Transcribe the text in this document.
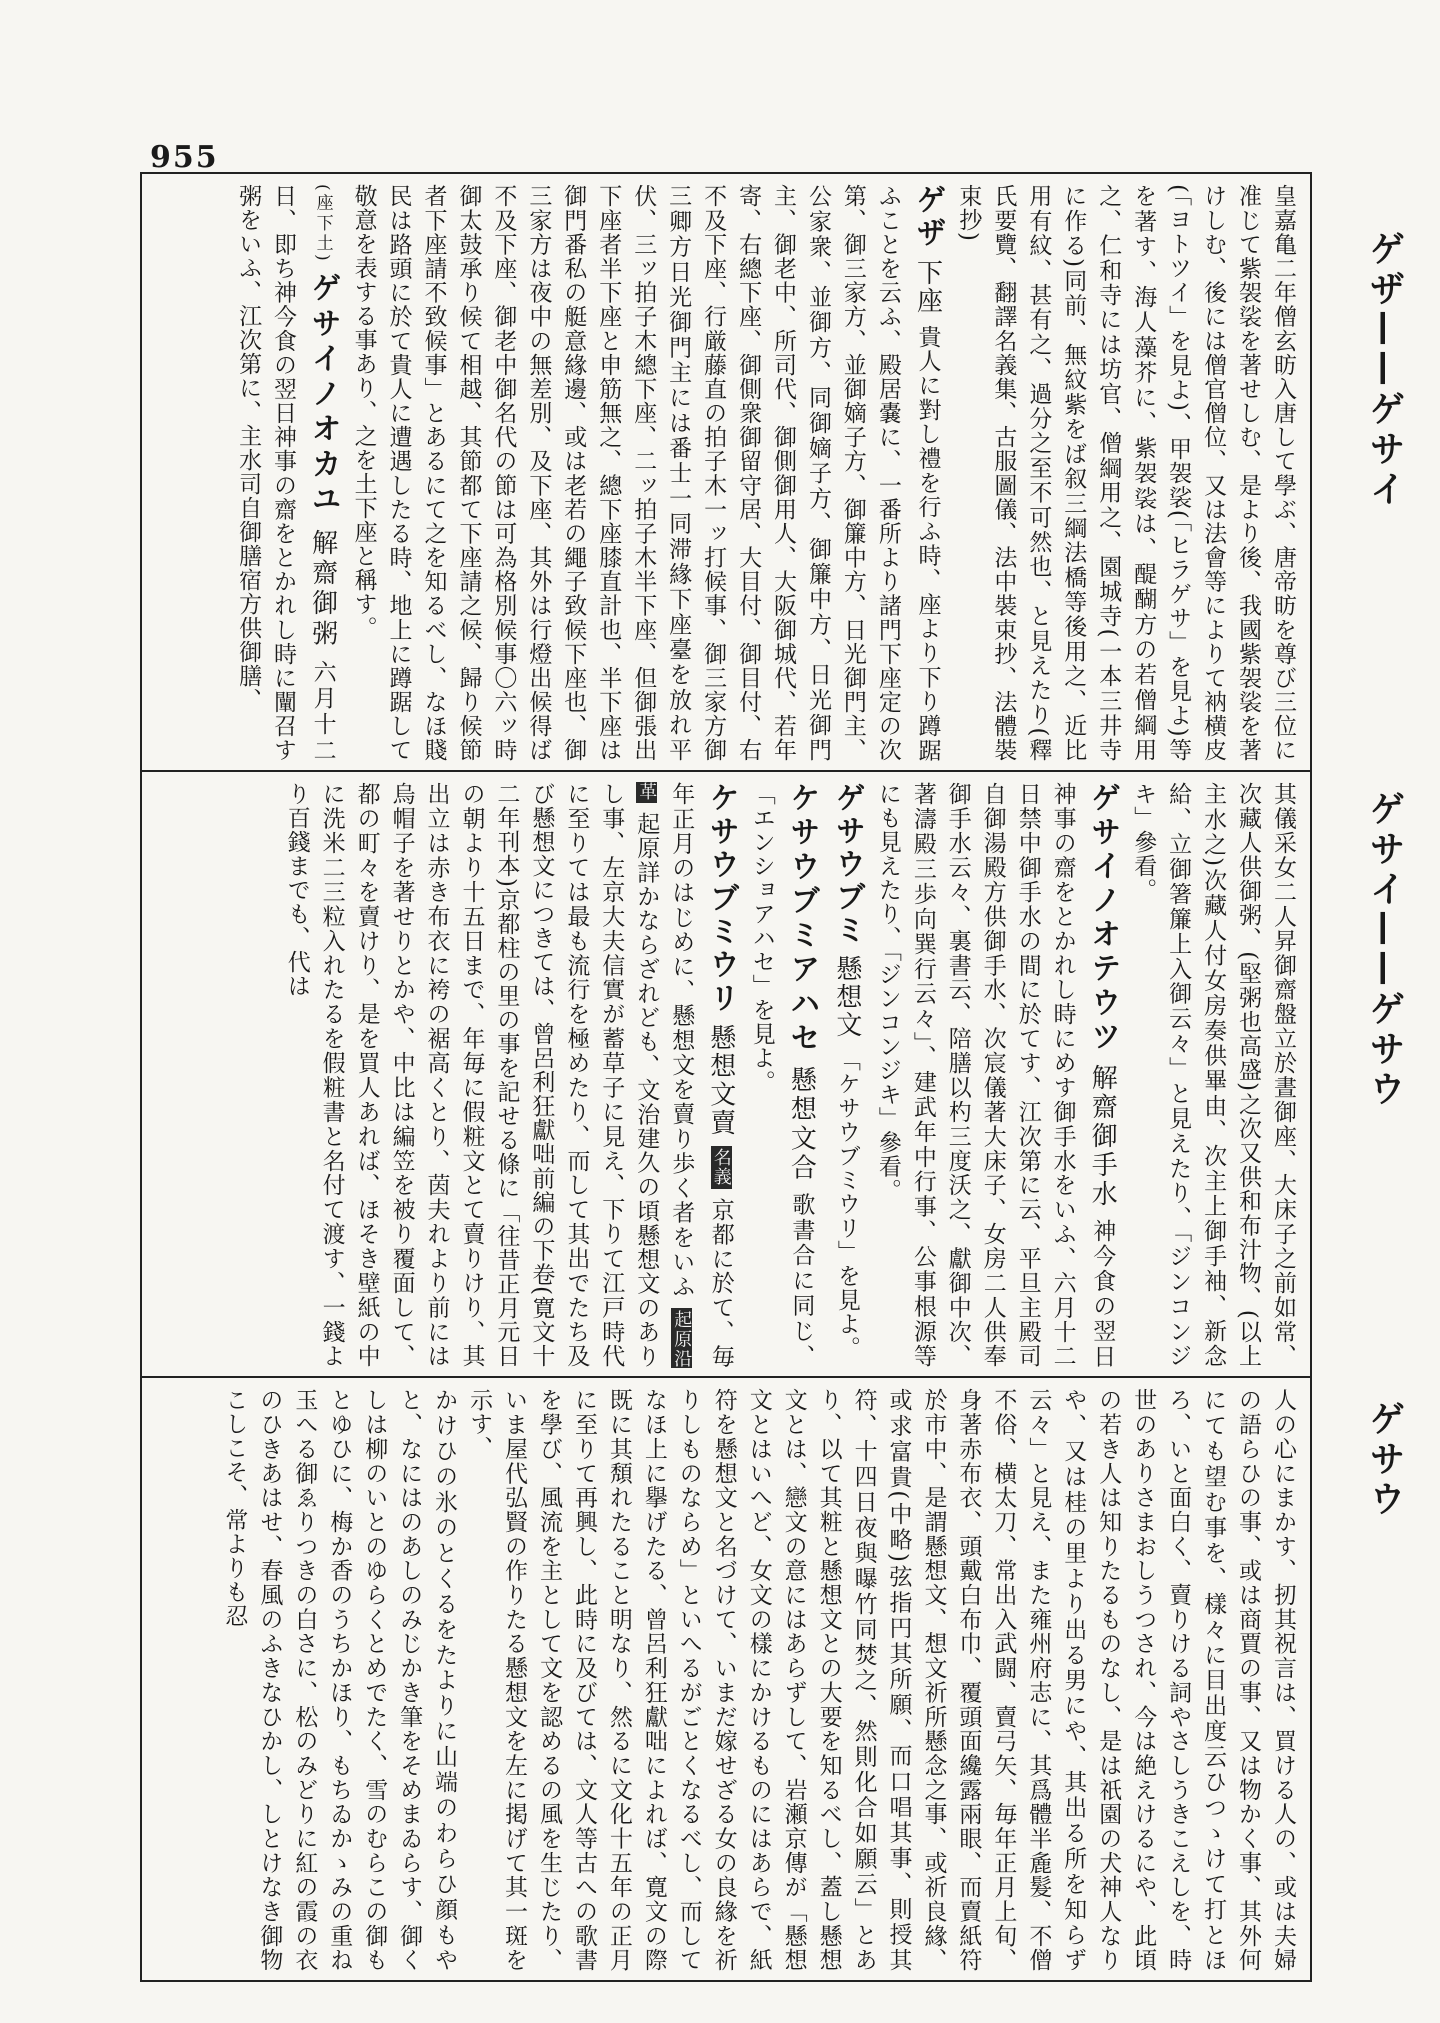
955
ゲザ——ゲサイ
ゲサイ——ゲサウ
ゲサウ
皇嘉亀二年僧玄昉入唐して學ぶ、唐帝昉を尊び三位に准じて紫袈裟を著せしむ、是より後、我國紫袈裟を著けしむ、後には僧官僧位、又は法會等によりて衲横皮(「ヨトツイ」を見よ)、甲袈裟(「ヒラゲサ」を見よ)等を著す、海人藻芥に、紫袈裟は、醍醐方の若僧綱用之、仁和寺には坊官、僧綱用之、園城寺(一本三井寺に作る)同前、無紋紫をば叙三綱法橋等後用之、近比用有紋、甚有之、過分之至不可然也、と見えたり(釋氏要覽、翻譯名義集、古服圖儀、法中裝束抄、法體裝束抄)
ゲザ 下座 貴人に對し禮を行ふ時、座より下り蹲踞ふことを云ふ、殿居嚢に、一番所より諸門下座定の次第、御三家方、並御嫡子方、御簾中方、日光御門主、公家衆、並御方、同御嫡子方、御簾中方、日光御門主、御老中、所司代、御側御用人、大阪御城代、若年寄、右總下座、御側衆御留守居、大目付、御目付、右不及下座、行厳藤直の拍子木一ッ打候事、御三家方御三卿方日光御門主には番士一同滞緣下座臺を放れ平伏、三ッ拍子木總下座、二ッ拍子木半下座、但御張出下座者半下座と申筋無之、總下座膝直計也、半下座は御門番私の艇意緣邊、或は老若の繩子致候下座也、御三家方は夜中の無差別、及下座、其外は行燈出候得ば不及下座、御老中御名代の節は可為格別候事〇六ッ時御太鼓承り候て相越、其節都て下座請之候、歸り候節者下座請不致候事」とあるにて之を知るべし、なほ賤民は路頭に於て貴人に遭遇したる時、地上に蹲踞して敬意を表する事あり、之を土下座と稱す。
(座下土) ゲサイノオカユ 解齋御粥 六月十二日、即ち神今食の翌日神事の齋をとかれし時に闡召す粥をいふ、江次第に、主水司自御膳宿方供御膳、
其儀采女二人昇御齋盤立於晝御座、大床子之前如常、次藏人供御粥、(堅粥也高盛)之次又供和布汁物、(以上主水之)次藏人付女房奏供畢由、次主上御手袖、新念給、立御箸簾上入御云々」と見えたり、「ジンコンジキ」參看。
ゲサイノオテウツ 解齋御手水 神今食の翌日神事の齋をとかれし時にめす御手水をいふ、六月十二日禁中御手水の間に於てす、江次第に云、平旦主殿司自御湯殿方供御手水、次宸儀著大床子、女房二人供奉御手水云々、裏書云、陪膳以杓三度沃之、獻御中次、著濤殿三歩向巽行云々」、建武年中行事、公事根源等にも見えたり、「ジンコンジキ」參看。
ゲサウブミ 懸想文 「ケサウブミウリ」を見よ。
ケサウブミアハセ 懸想文合 歌書合に同じ、「エンショアハセ」を見よ。
ケサウブミウリ 懸想文賣 名義 京都に於て、毎年正月のはじめに、懸想文を賣り歩く者をいふ 起原沿革 起原詳かならざれども、文治建久の頃懸想文のありし事、左京大夫信實が蓄草子に見え、下りて江戸時代に至りては最も流行を極めたり、而して其出でたち及び懸想文につきては、曾呂利狂獻咄前編の下卷(寛文十二年刊本)京都柱の里の事を記せる條に「往昔正月元日の朝より十五日まで、年毎に假粧文とて賣りけり、其出立は赤き布衣に袴の裾高くとり、茵夫れより前には烏帽子を著せりとかや、中比は編笠を被り覆面して、都の町々を賣けり、是を買人あれば、ほそき壁紙の中に洗米二三粒入れたるを假粧書と名付て渡す、一錢より百錢までも、代は
人の心にまかす、扨其祝言は、買ける人の、或は夫婦の語らひの事、或は商賈の事、又は物かく事、其外何にても望む事を、樣々に目出度云ひつゝけて打とほろ、いと面白く、賣りける詞やさしうきこえしを、時世のありさまおしうつされ、今は絶えけるにや、此頃の若き人は知りたるものなし、是は祇園の犬神人なりや、又は桂の里より出る男にや、其出る所を知らず云々」と見え、また雍州府志に、其爲體半麁髮、不僧不俗、横太刀、常出入武闘、賣弓矢、毎年正月上旬、身著赤布衣、頭戴白布巾、覆頭面纔露兩眼、而賣紙符於市中、是謂懸想文、想文祈所懸念之事、或祈良緣、或求富貴(中略)弦指円其所願、而口唱其事、則授其符、十四日夜與曝竹同焚之、然則化合如願云」とあり、以て其粧と懸想文との大要を知るべし、蓋し懸想文とは、戀文の意にはあらずして、岩瀬京傳が「懸想文とはいへど、女文の樣にかけるものにはあらで、紙符を懸想文と名づけて、いまだ嫁せざる女の良緣を祈りしものならめ」といへるがごとくなるべし、而してなほ上に擧げたる、曾呂利狂獻咄によれば、寛文の際既に其頽れたること明なり、然るに文化十五年の正月に至りて再興し、此時に及びては、文人等古への歌書を學び、風流を主として文を認めるの風を生じたり、いま屋代弘賢の作りたる懸想文を左に掲げて其一斑を示す、
かけひの氷のとくるをたよりに山端のわらひ顔もやと、なにはのあしのみじかき筆をそめまゐらす、御くしは柳のいとのゆらくとめでたく、雪のむらこの御もとゆひに、梅か香のうちかほり、もちゐかゝみの重ね玉へる御ゑりつきの白さに、松のみどりに紅の霞の衣のひきあはせ、春風のふきなひかし、しとけなき御物こしこそ、常よりも忍
